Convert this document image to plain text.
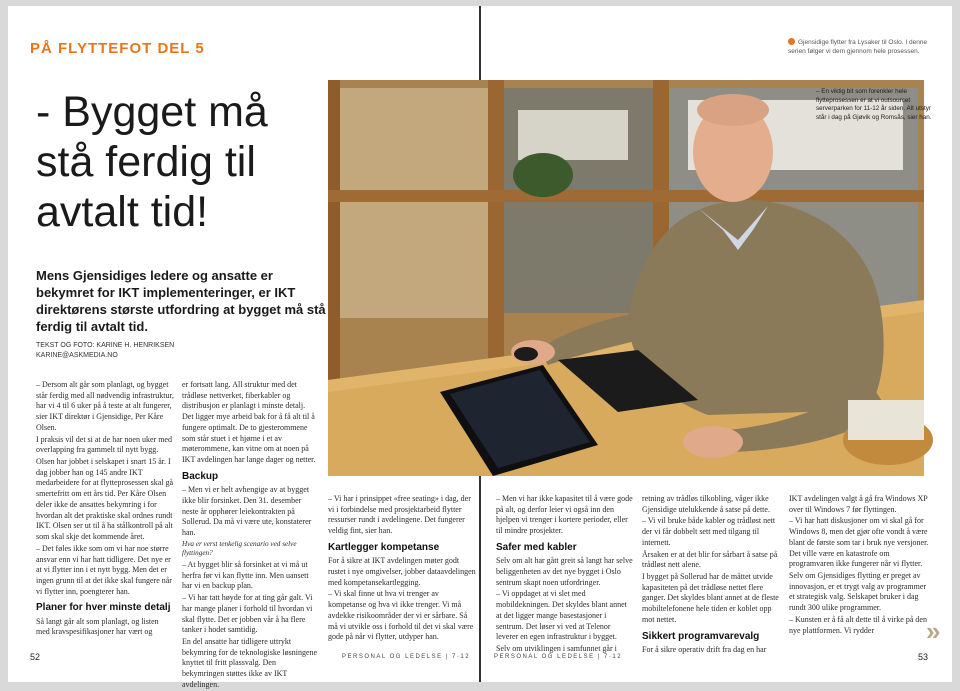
PÅ FLYTTEFOT DEL 5
- Bygget må stå ferdig til avtalt tid!
Mens Gjensidiges ledere og ansatte er bekymret for IKT implementeringer, er IKT direktørens største utfordring at bygget må stå ferdig til avtalt tid.
TEKST OG FOTO: KARINE H. HENRIKSEN
KARINE@ASKMEDIA.NO

– Dersom alt går som planlagt, og bygget står ferdig med all nødvendig infrastruktur, har vi 4 til 6 uker på å teste at alt fungerer, sier IKT direktør i Gjensidige, Per Kåre Olsen.

I praksis vil det si at de har noen uker med overlapping fra gammelt til nytt bygg.

Olsen har jobbet i selskapet i snart 15 år. I dag jobber han og 145 andre IKT medarbeidere for at flytteprosessen skal gå smertefritt om ett års tid. Per Kåre Olsen deler ikke de ansattes bekymring i for hvordan alt det praktiske skal ordnes rundt IKT. Olsen ser ut til å ha stålkontroll på alt som skal skje det kommende året.

– Det føles ikke som om vi har noe større ansvar enn vi har hatt tidligere. Det nye er at vi flytter inn i et nytt bygg. Men det er ingen grunn til at det ikke skal fungere når vi flytter inn, poengterer han.

Planer for hver minste detalj

Så langt går alt som planlagt, og listen med kravspesifikasjoner har vært og

er fortsatt lang. All struktur med det trådløse nettverket, fiberkabler og distribusjon er planlagt i minste detalj. Det ligger mye arbeid bak for å få alt til å fungere optimalt. De to gjesterommene som står stuet i et hjørne i et av møterommene, kan vitne om at noen på IKT avdelingen har lange dager og netter.

Backup

– Men vi er helt avhengige av at bygget ikke blir forsinket. Den 31. desember neste år opphører leiekontrakten på Sollerud. Da må vi være ute, konstaterer han.

Hva er verst tenkelig scenario ved selve flyttingen?

– At bygget blir så forsinket at vi må ut herfra før vi kan flytte inn. Men uansett har vi en backup plan.

– Vi har tatt høyde for at ting går galt. Vi har mange planer i forhold til hvordan vi skal flytte. Det er jobben vår å ha flere tanker i hodet samtidig.

En del ansatte har tidligere uttrykt bekymring for de teknologiske løsningene knyttet til fritt plassvalg. Den bekymringen støttes ikke av IKT avdelingen.

– Vi har i prinsippet «free seating» i dag, der vi i forbindelse med prosjektarbeid flytter ressurser rundt i avdelingene. Det fungerer veldig fint, sier han.

Kartlegger kompetanse

For å sikre at IKT avdelingen møter godt rustet i nye omgivelser, jobber dataavdelingen med kompetansekartlegging.

– Vi skal finne ut hva vi trenger av kompetanse og hva vi ikke trenger. Vi må avdekke risikoområder der vi er sårbare. Så må vi utvikle oss i forhold til det vi skal være gode på når vi flytter, utdyper han.

52	PERSONAL OG LEDELSE | 7·12
Gjensidige flytter fra Lysaker til Oslo. I denne serien følger vi dem gjennom hele prosessen.

– Men vi har ikke kapasitet til å være gode på alt, og derfor leier vi også inn den hjelpen vi trenger i kortere perioder, eller til mindre prosjekter.

Safer med kabler

Selv om alt har gått greit så langt har selve beliggenheten av det nye bygget i Oslo sentrum skapt noen utfordringer.

– Vi oppdaget at vi slet med mobildekningen. Det skyldes blant annet at det ligger mange basestasjoner i sentrum. Det løser vi ved at Telenor leverer en egen infrastruktur i bygget.

Selv om utviklingen i samfunnet går i

retning av trådløs tilkobling, våger ikke Gjensidige utelukkende å satse på dette.

– Vi vil bruke både kabler og trådløst nett der vi får dobbelt sett med tilgang til internett.

Årsaken er at det blir for sårbart å satse på trådløst nett alene.

I bygget på Sollerud har de måttet utvide kapasiteten på det trådløse nettet flere ganger. Det skyldes blant annet at de fleste mobiltelefonene hele tiden er koblet opp mot nettet.

Sikkert programvarevalg

For å sikre operativ drift fra dag en har

IKT avdelingen valgt å gå fra Windows XP over til Windows 7 før flyttingen.

– Vi har hatt diskusjoner om vi skal gå for Windows 8, men det gjør ofte vondt å være blant de første som tar i bruk nye versjoner. Det ville være en katastrofe om programvaren ikke fungerer når vi flytter.

Selv om Gjensidiges flytting er preget av innovasjon, er et trygt valg av programmer et strategisk valg. Selskapet bruker i dag rundt 300 ulike programmer.

– Kunsten er å få alt dette til å virke på den nye plattformen. Vi rydder

PERSONAL OG LEDELSE | 7·12	53
»
– En viktig bit som forenkler hele flytteprosessen er at vi outsourcet serverparken for 11-12 år siden. Alt utstyr står i dag på Gjøvik og Romsås, sier han.
